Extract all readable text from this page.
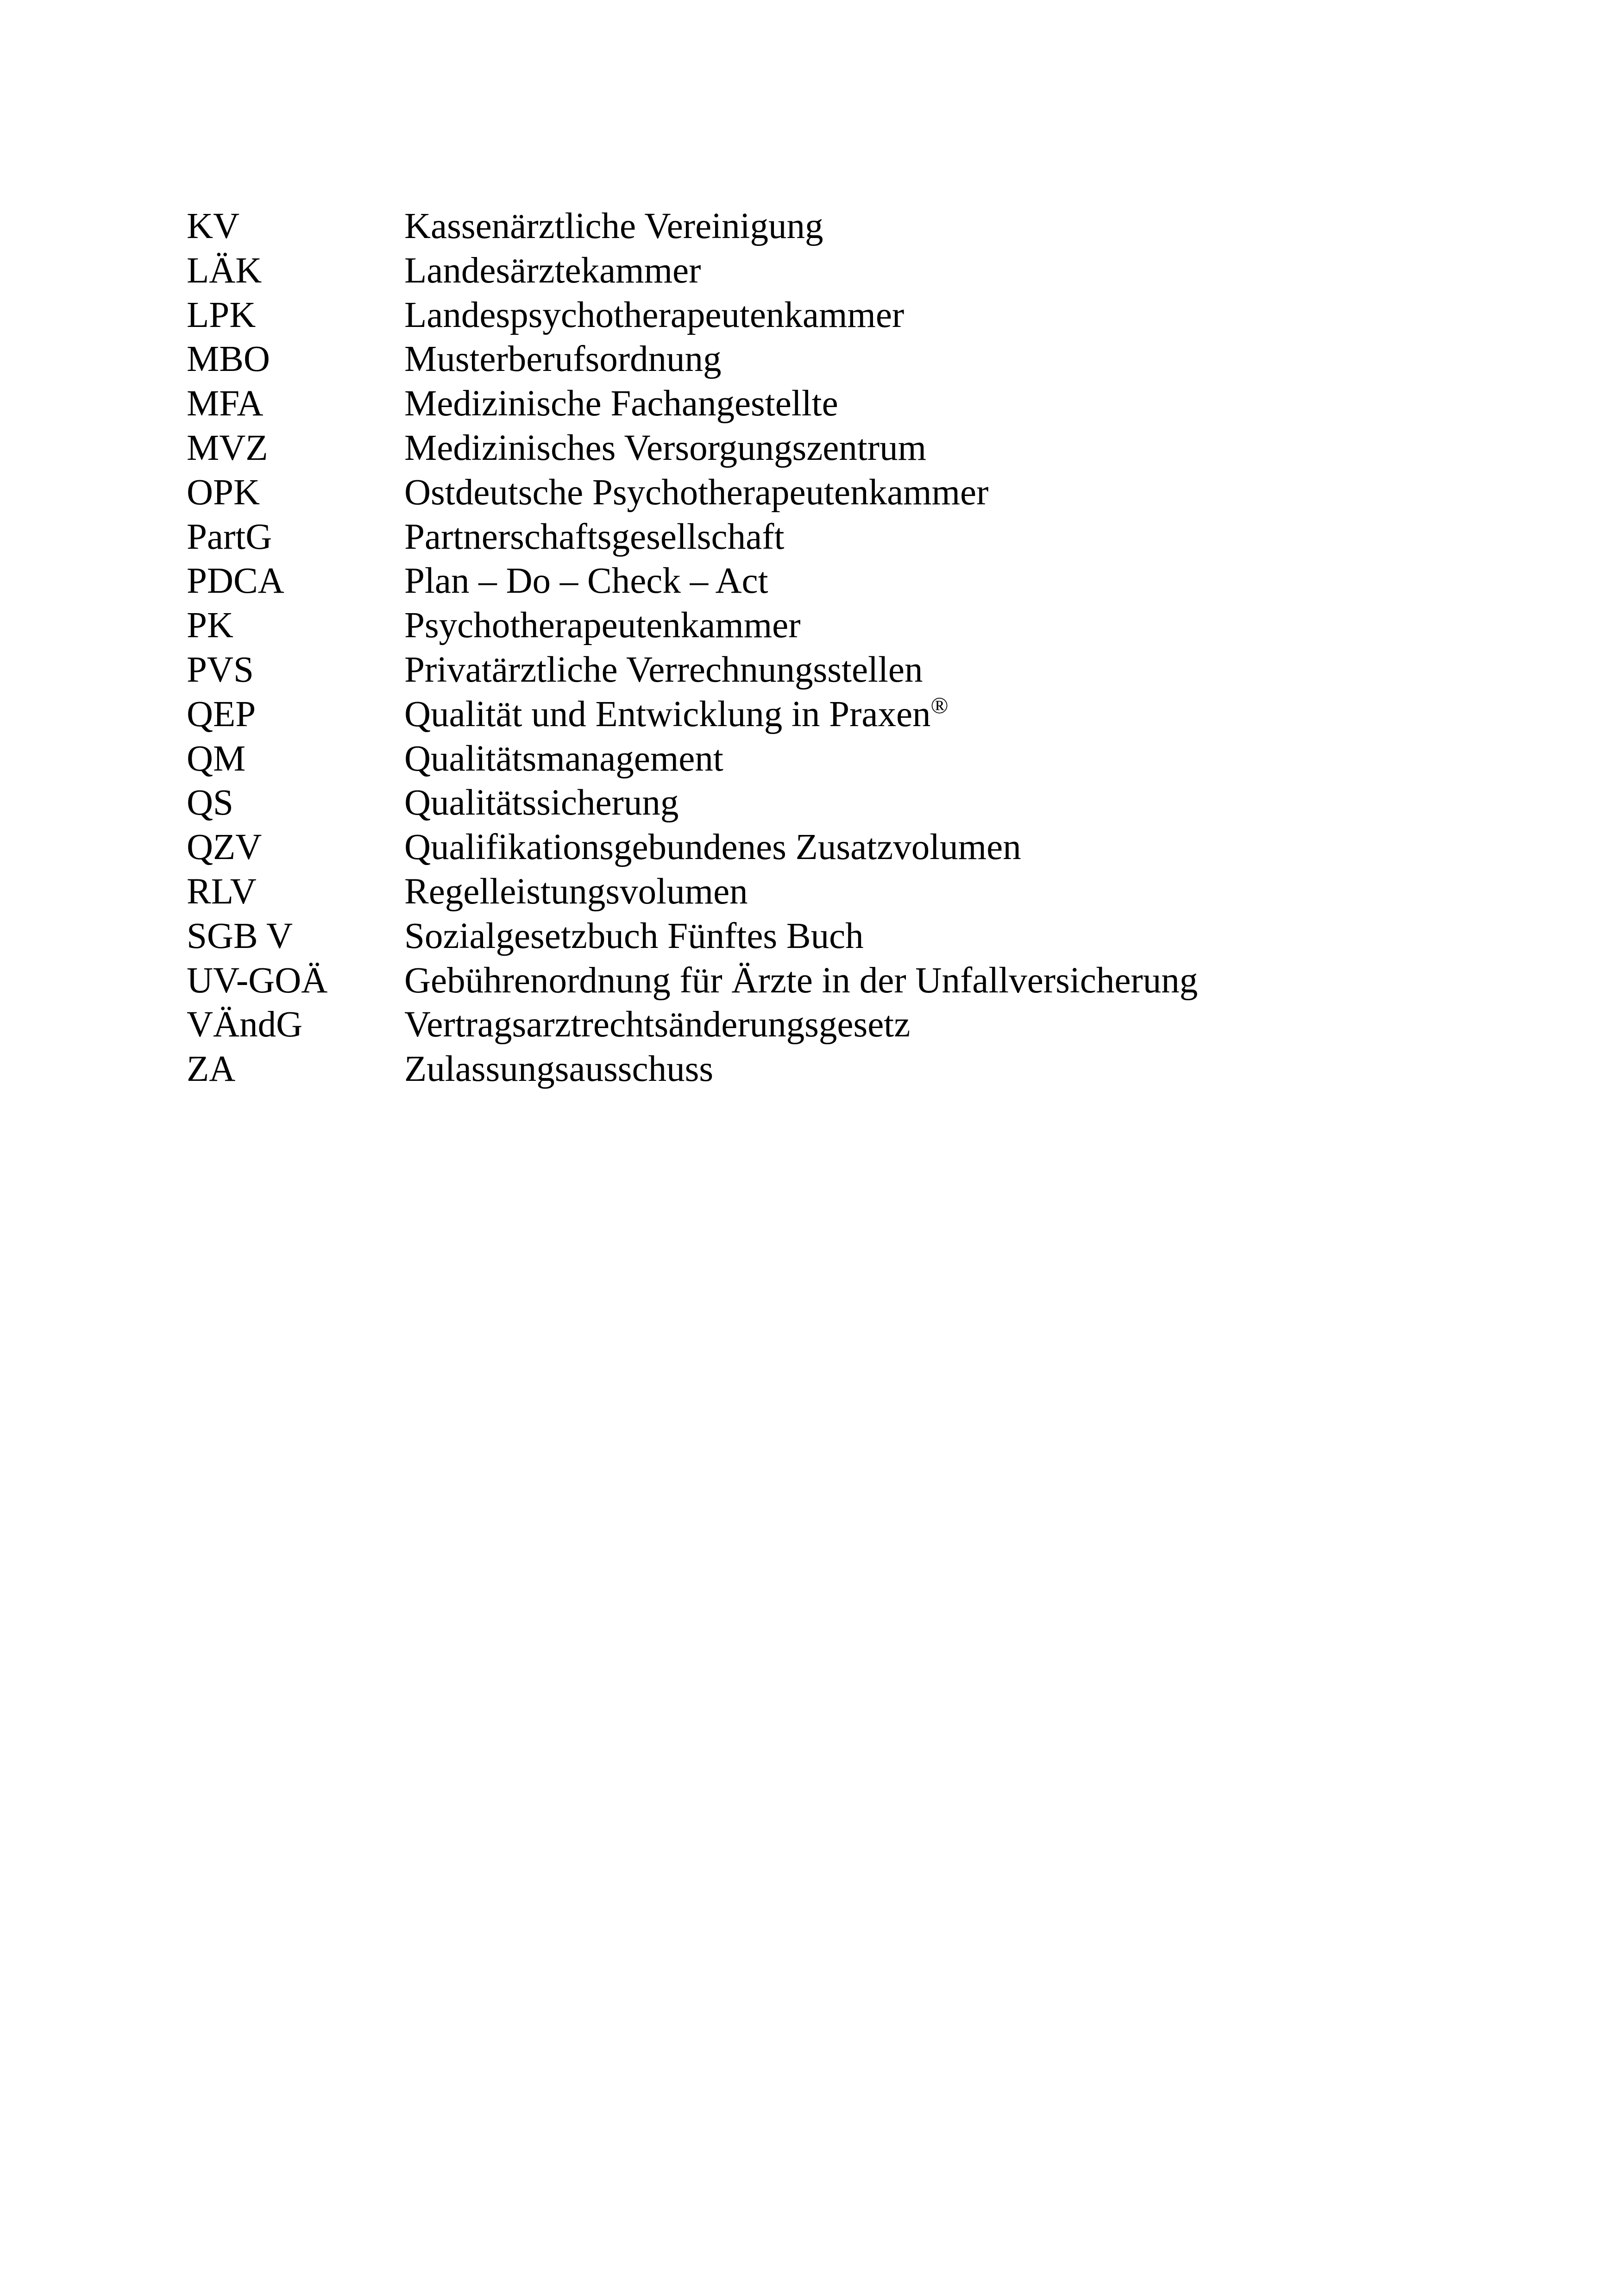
KV	Kassenärztliche Vereinigung
LÄK	Landesärztekammer
LPK	Landespsychotherapeutenkammer
MBO	Musterberufsordnung
MFA	Medizinische Fachangestellte
MVZ	Medizinisches Versorgungszentrum
OPK	Ostdeutsche Psychotherapeutenkammer
PartG	Partnerschaftsgesellschaft
PDCA	Plan – Do – Check – Act
PK	Psychotherapeutenkammer
PVS	Privatärztliche Verrechnungsstellen
QEP	Qualität und Entwicklung in Praxen®
QM	Qualitätsmanagement
QS	Qualitätssicherung
QZV	Qualifikationsgebundenes Zusatzvolumen
RLV	Regelleistungsvolumen
SGB V	Sozialgesetzbuch Fünftes Buch
UV-GOÄ	Gebührenordnung für Ärzte in der Unfallversicherung
VÄndG	Vertragsarztrechtsänderungsgesetz
ZA	Zulassungsausschuss
